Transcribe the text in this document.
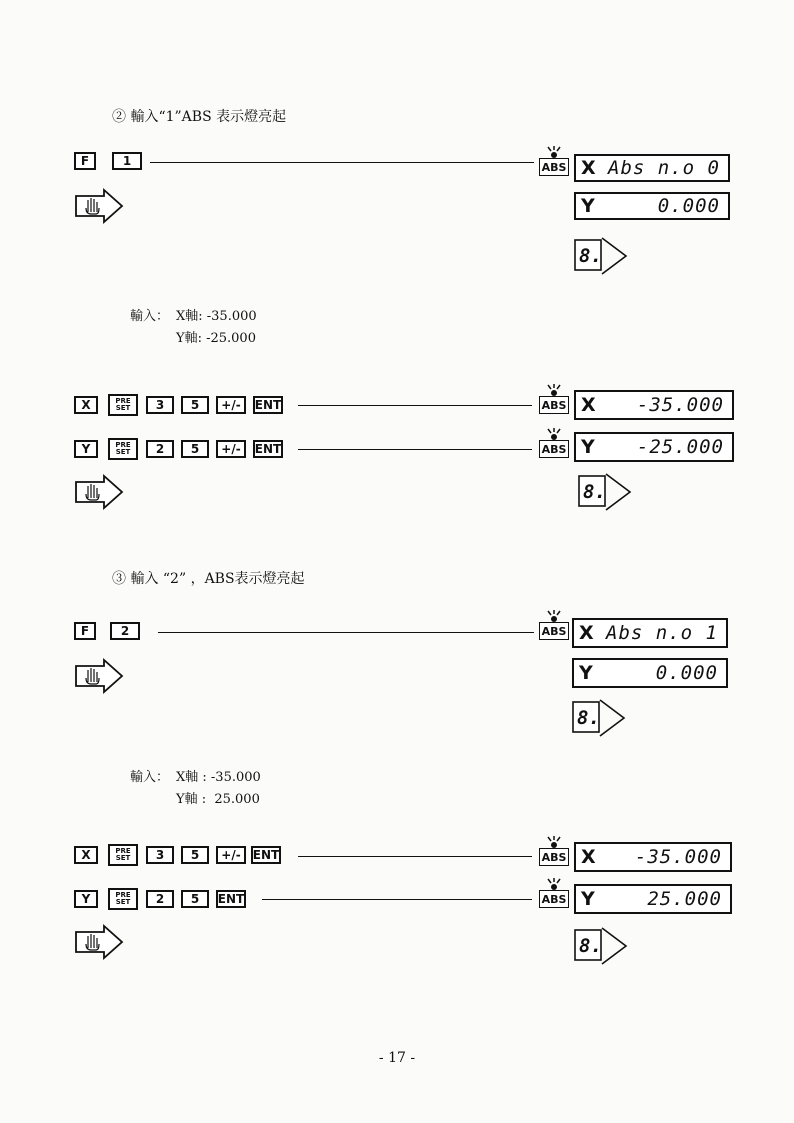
② 輸入“1”ABS 表示燈亮起
F	1	ABS X Abs n.o 0
Y	0.000
8.
輸入： X軸: -35.000
Y軸: -25.000
X	PRE
SET	3	5	+/-	ENT	ABS X -35.000
Y	PRE
SET	2	5	+/-	ENT	ABS Y -25.000
8.
③ 輸入 “2” ，ABS表示燈亮起
F	2	ABS X Abs n.o 1
Y	0.000
8.
輸入： X軸 : -35.000
Y軸 :  25.000
X	PRE
SET	3	5	+/-	ENT	ABS X -35.000
Y	PRE
SET	2	5	ENT	ABS Y	25.000
8.
- 17 -
